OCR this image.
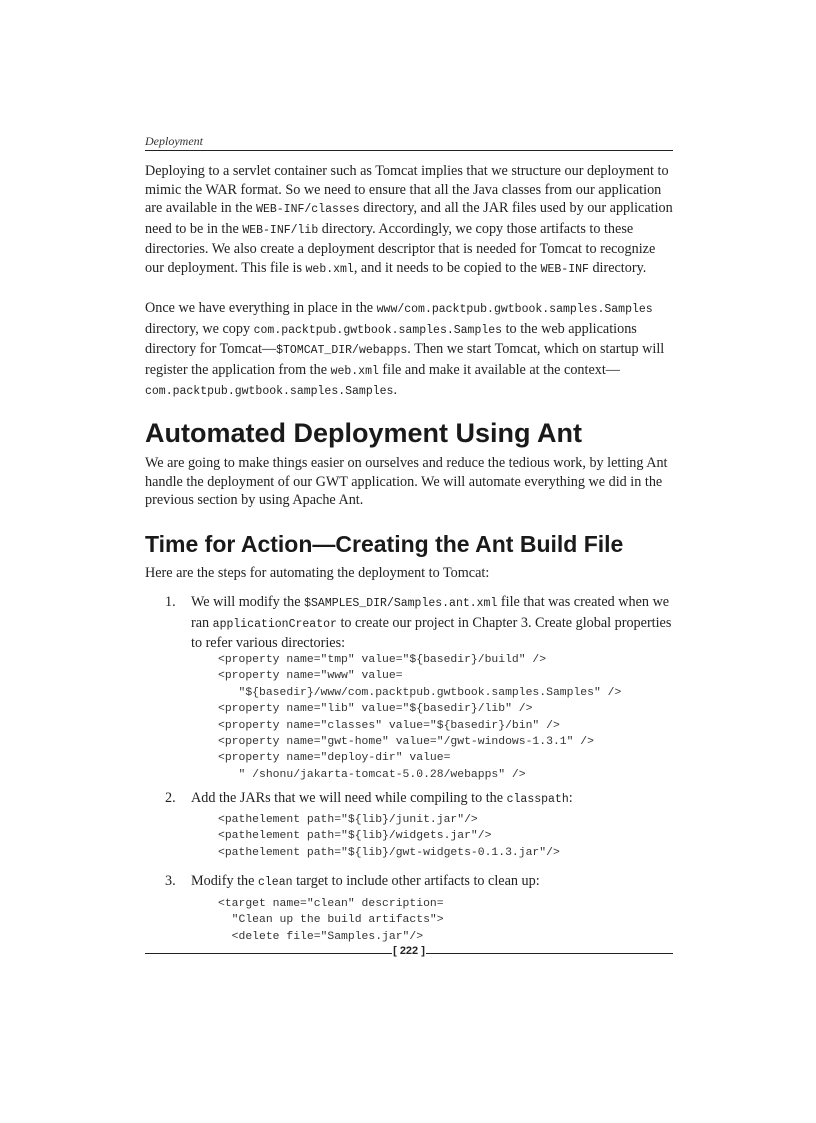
Deployment

Deploying to a servlet container such as Tomcat implies that we structure our deployment to mimic the WAR format. So we need to ensure that all the Java classes from our application are available in the WEB-INF/classes directory, and all the JAR files used by our application need to be in the WEB-INF/lib directory. Accordingly, we copy those artifacts to these directories. We also create a deployment descriptor that is needed for Tomcat to recognize our deployment. This file is web.xml, and it needs to be copied to the WEB-INF directory.

Once we have everything in place in the www/com.packtpub.gwtbook.samples.Samples directory, we copy com.packtpub.gwtbook.samples.Samples to the web applications directory for Tomcat—$TOMCAT_DIR/webapps. Then we start Tomcat, which on startup will register the application from the web.xml file and make it available at the context—com.packtpub.gwtbook.samples.Samples.

Automated Deployment Using Ant

We are going to make things easier on ourselves and reduce the tedious work, by letting Ant handle the deployment of our GWT application. We will automate everything we did in the previous section by using Apache Ant.

Time for Action—Creating the Ant Build File

Here are the steps for automating the deployment to Tomcat:

1.	We will modify the $SAMPLES_DIR/Samples.ant.xml file that was created when we ran applicationCreator to create our project in Chapter 3. Create global properties to refer various directories:
<property name="tmp" value="${basedir}/build" />
<property name="www" value=
"${basedir}/www/com.packtpub.gwtbook.samples.Samples" />
<property name="lib" value="${basedir}/lib" />
<property name="classes" value="${basedir}/bin" />
<property name="gwt-home" value="/gwt-windows-1.3.1" />
<property name="deploy-dir" value=
" /shonu/jakarta-tomcat-5.0.28/webapps" />
2.	Add the JARs that we will need while compiling to the classpath:
<pathelement path="${lib}/junit.jar"/>
<pathelement path="${lib}/widgets.jar"/>
<pathelement path="${lib}/gwt-widgets-0.1.3.jar"/>
3.	Modify the clean target to include other artifacts to clean up:
<target name="clean" description=
"Clean up the build artifacts">
<delete file="Samples.jar"/>
[ 222 ]
